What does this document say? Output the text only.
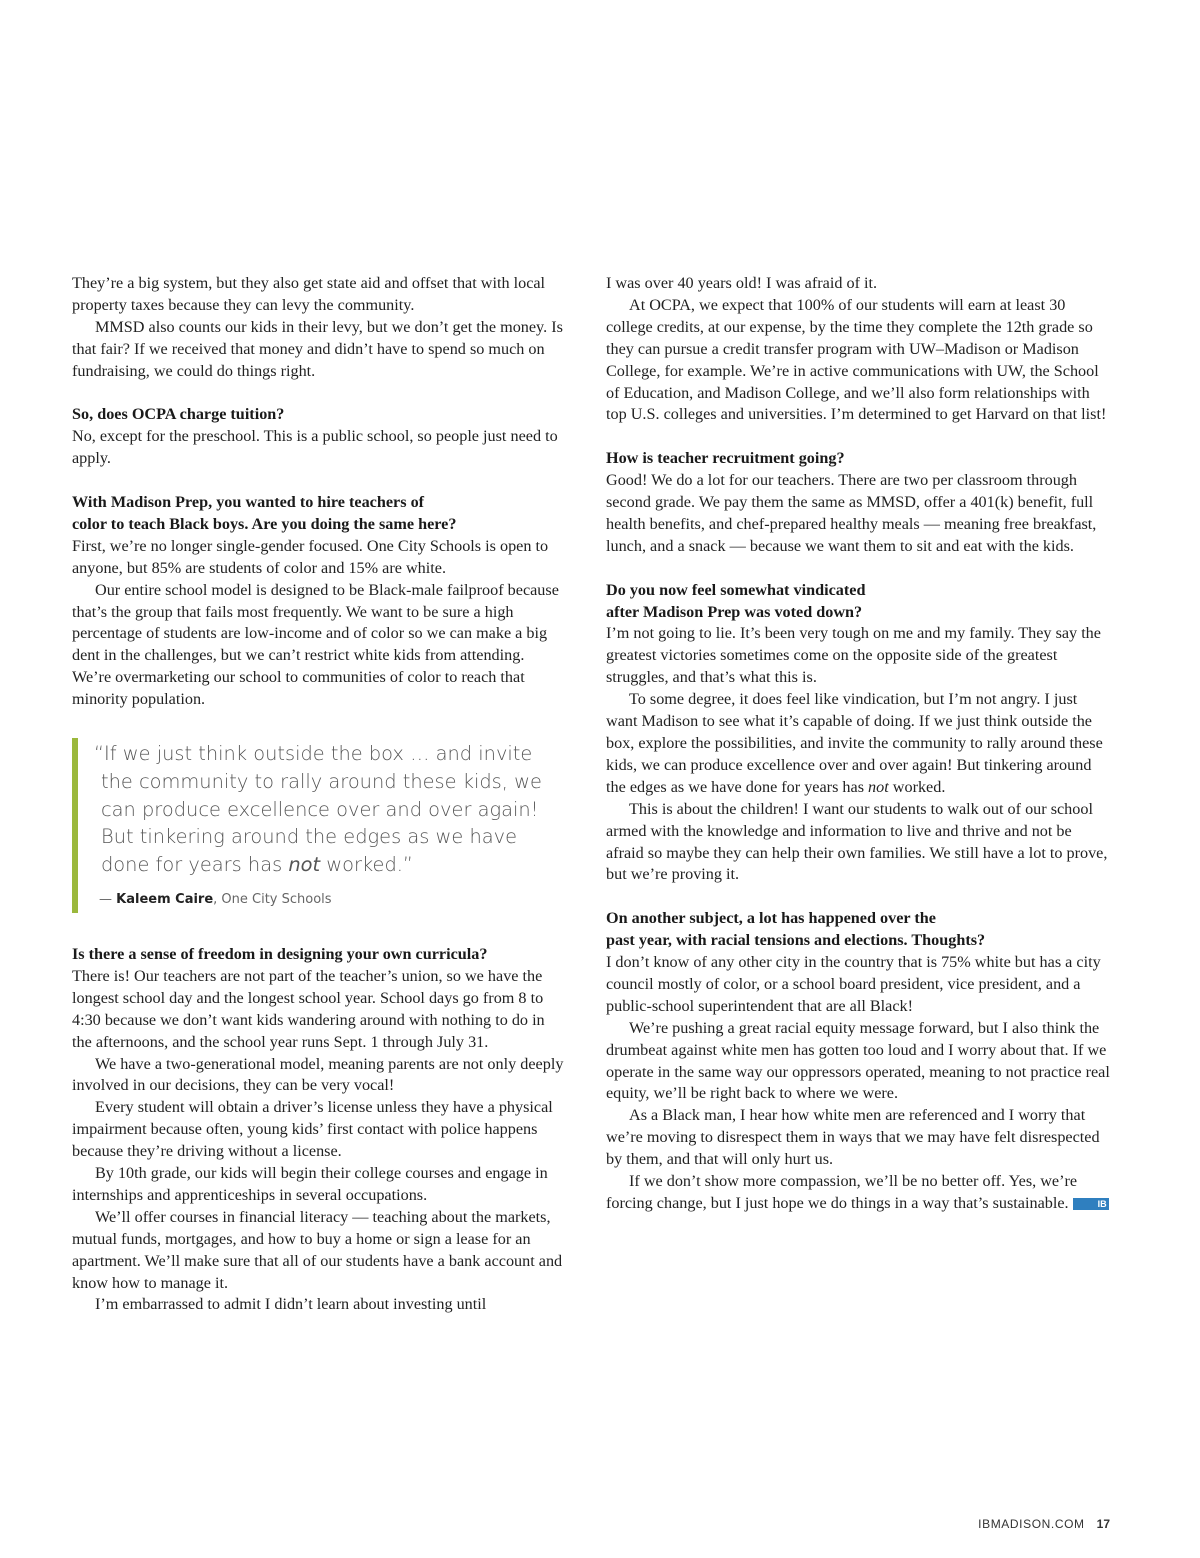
They’re a big system, but they also get state aid and offset that with local property taxes because they can levy the community.

MMSD also counts our kids in their levy, but we don’t get the money. Is that fair? If we received that money and didn’t have to spend so much on fundraising, we could do things right.

So, does OCPA charge tuition?

No, except for the preschool. This is a public school, so people just need to apply.

With Madison Prep, you wanted to hire teachers of
color to teach Black boys. Are you doing the same here?

First, we’re no longer single-gender focused. One City Schools is open to anyone, but 85% are students of color and 15% are white.

Our entire school model is designed to be Black-male failproof because that’s the group that fails most frequently. We want to be sure a high percentage of students are low-income and of color so we can make a big dent in the challenges, but we can’t restrict white kids from attending. We’re overmarketing our school to communities of color to reach that minority population.

“If we just think outside the box … and invite the community to rally around these kids, we can produce excellence over and over again! But tinkering around the edges as we have done for years has not worked.”
— Kaleem Caire, One City Schools
Is there a sense of freedom in designing your own curricula?

There is! Our teachers are not part of the teacher’s union, so we have the longest school day and the longest school year. School days go from 8 to 4:30 because we don’t want kids wandering around with nothing to do in the afternoons, and the school year runs Sept. 1 through July 31.

We have a two-generational model, meaning parents are not only deeply involved in our decisions, they can be very vocal!

Every student will obtain a driver’s license unless they have a physical impairment because often, young kids’ first contact with police happens because they’re driving without a license.

By 10th grade, our kids will begin their college courses and engage in internships and apprenticeships in several occupations.

We’ll offer courses in financial literacy — teaching about the markets, mutual funds, mortgages, and how to buy a home or sign a lease for an apartment. We’ll make sure that all of our students have a bank account and know how to manage it.

I’m embarrassed to admit I didn’t learn about investing until

I was over 40 years old! I was afraid of it.

At OCPA, we expect that 100% of our students will earn at least 30 college credits, at our expense, by the time they complete the 12th grade so they can pursue a credit transfer program with UW–Madison or Madison College, for example. We’re in active communications with UW, the School of Education, and Madison College, and we’ll also form relationships with top U.S. colleges and universities. I’m determined to get Harvard on that list!

How is teacher recruitment going?

Good! We do a lot for our teachers. There are two per classroom through second grade. We pay them the same as MMSD, offer a 401(k) benefit, full health benefits, and chef-prepared healthy meals — meaning free breakfast, lunch, and a snack — because we want them to sit and eat with the kids.

Do you now feel somewhat vindicated
after Madison Prep was voted down?

I’m not going to lie. It’s been very tough on me and my family. They say the greatest victories sometimes come on the opposite side of the greatest struggles, and that’s what this is.

To some degree, it does feel like vindication, but I’m not angry. I just want Madison to see what it’s capable of doing. If we just think outside the box, explore the possibilities, and invite the community to rally around these kids, we can produce excellence over and over again! But tinkering around the edges as we have done for years has not worked.

This is about the children! I want our students to walk out of our school armed with the knowledge and information to live and thrive and not be afraid so maybe they can help their own families. We still have a lot to prove, but we’re proving it.

On another subject, a lot has happened over the
past year, with racial tensions and elections. Thoughts?

I don’t know of any other city in the country that is 75% white but has a city council mostly of color, or a school board president, vice president, and a public-school superintendent that are all Black!

We’re pushing a great racial equity message forward, but I also think the drumbeat against white men has gotten too loud and I worry about that. If we operate in the same way our oppressors operated, meaning to not practice real equity, we’ll be right back to where we were.

As a Black man, I hear how white men are referenced and I worry that we’re moving to disrespect them in ways that we may have felt disrespected by them, and that will only hurt us.

If we don’t show more compassion, we’ll be no better off. Yes, we’re forcing change, but I just hope we do things in a way that’s sustainable.	IB

IBMADISON.COM 17
